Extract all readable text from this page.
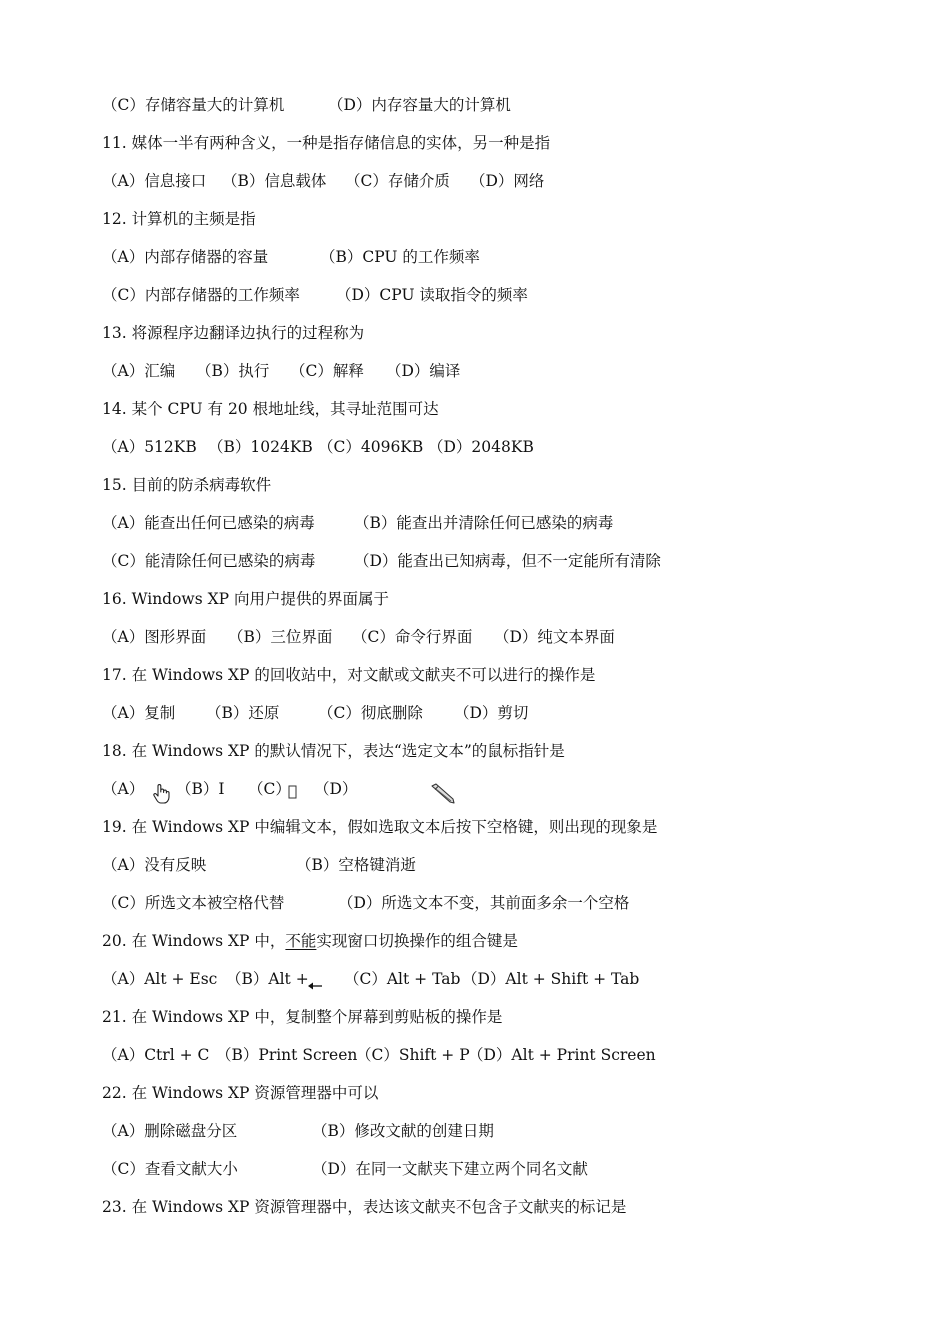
（C）存储容量大的计算机	（D）内存容量大的计算机
11. 媒体一半有两种含义，一种是指存储信息的实体，另一种是指
（A）信息接口 （B）信息载体 （C）存储介质 （D）网络
12. 计算机的主频是指
（A）内部存储器的容量	（B）CPU 的工作频率
（C）内部存储器的工作频率 （D）CPU 读取指令的频率
13. 将源程序边翻译边执行的过程称为
（A）汇编 （B）执行 （C）解释 （D）编译
14. 某个 CPU 有 20 根地址线，其寻址范围可达
（A）512KB （B）1024KB （C）4096KB （D）2048KB
15. 目前的防杀病毒软件
（A）能查出任何已感染的病毒	（B）能查出并清除任何已感染的病毒
（C）能清除任何已感染的病毒 （D）能查出已知病毒，但不一定能所有清除
16. Windows XP 向用户提供的界面属于
（A）图形界面 （B）三位界面 （C）命令行界面 （D）纯文本界面
17. 在 Windows XP 的回收站中，对文献或文献夹不可以进行的操作是
（A）复制 （B）还原 （C）彻底删除 （D）剪切
18. 在 Windows XP 的默认情况下，表达“选定文本”的鼠标指针是
（A） （B）I （C） （D）
19. 在 Windows XP 中编辑文本，假如选取文本后按下空格键，则出现的现象是
（A）没有反映	（B）空格键消逝
（C）所选文本被空格代替	（D）所选文本不变，其前面多余一个空格
20. 在 Windows XP 中，不能实现窗口切换操作的组合键是
（A）Alt + Esc （B）Alt + （C）Alt + Tab （D）Alt + Shift + Tab
21. 在 Windows XP 中，复制整个屏幕到剪贴板的操作是
（A）Ctrl + C （B）Print Screen
（C）Shift + P
（D）Alt + Print Screen
22. 在 Windows XP 资源管理器中可以
（A）删除磁盘分区	（B）修改文献的创建日期
（C）查看文献大小	（D）在同一文献夹下建立两个同名文献
23. 在 Windows XP 资源管理器中，表达该文献夹不包含子文献夹的标记是
